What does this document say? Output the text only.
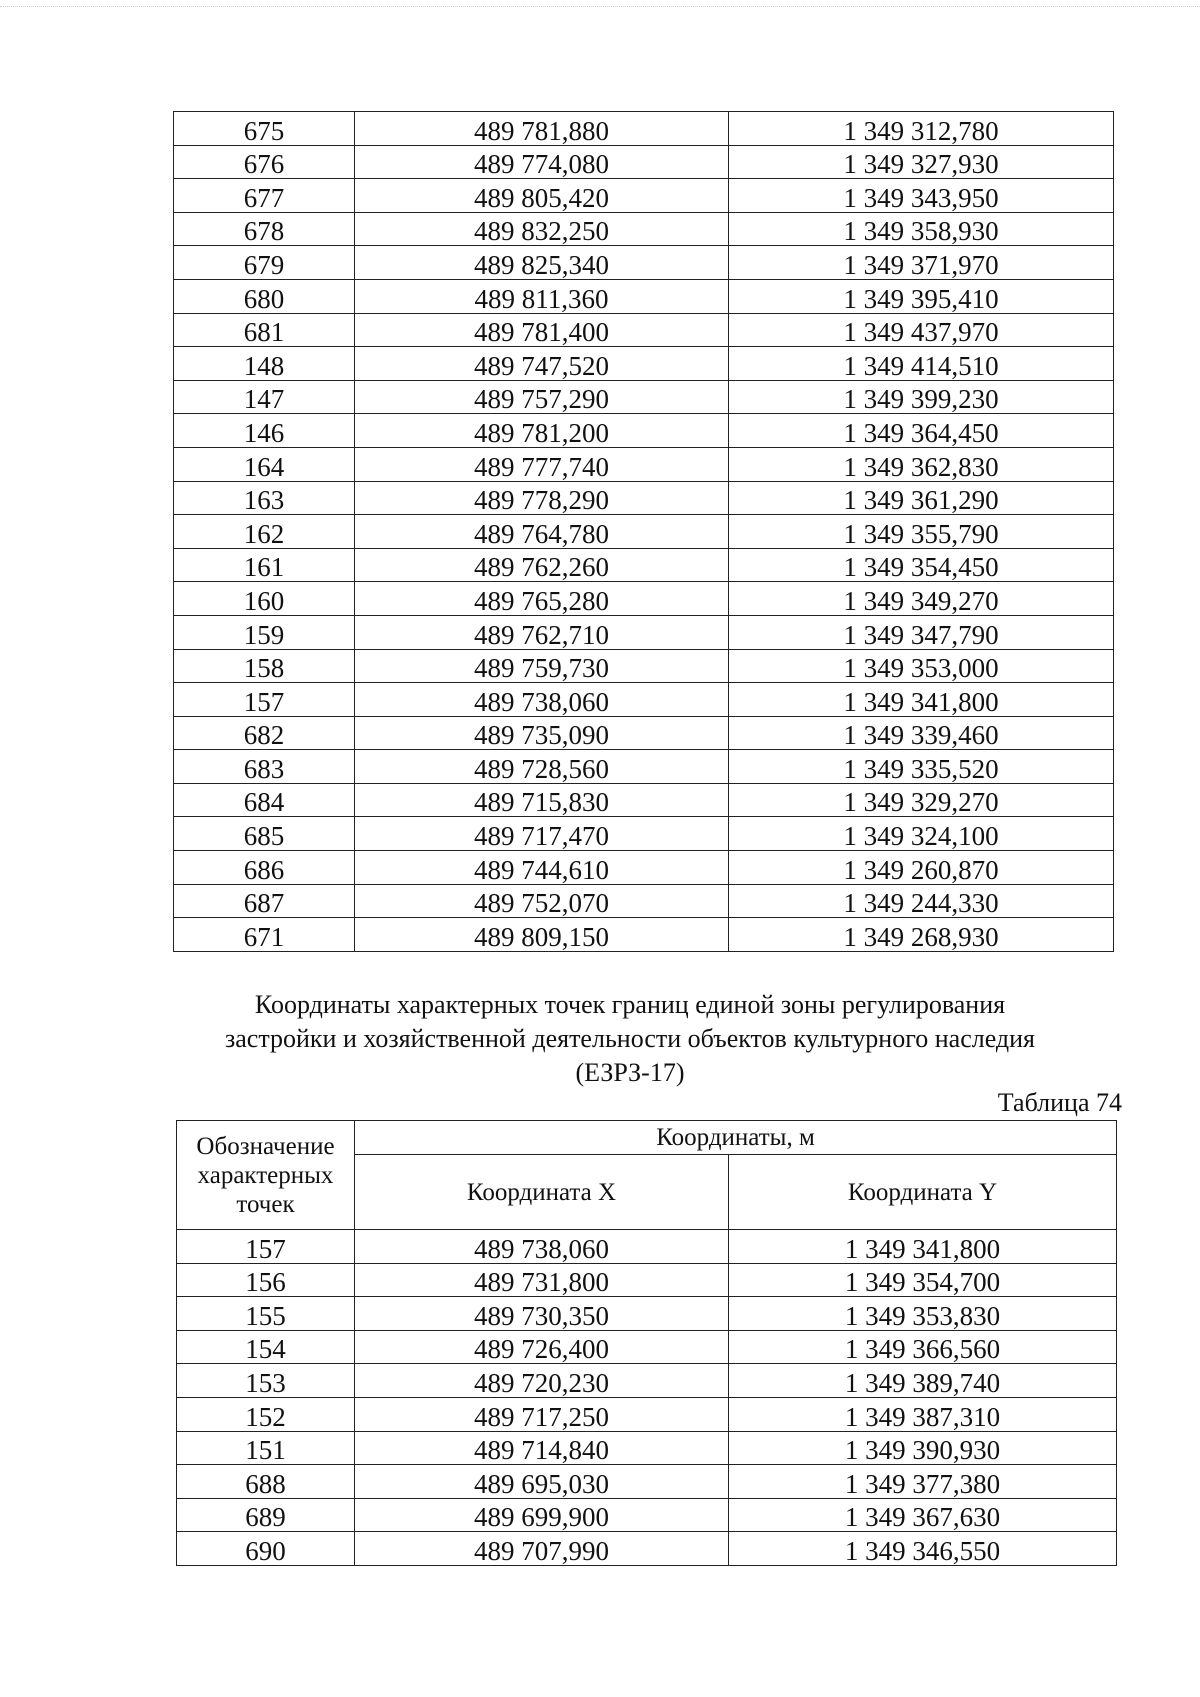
675	489 781,880	1 349 312,780
676	489 774,080	1 349 327,930
677	489 805,420	1 349 343,950
678	489 832,250	1 349 358,930
679	489 825,340	1 349 371,970
680	489 811,360	1 349 395,410
681	489 781,400	1 349 437,970
148	489 747,520	1 349 414,510
147	489 757,290	1 349 399,230
146	489 781,200	1 349 364,450
164	489 777,740	1 349 362,830
163	489 778,290	1 349 361,290
162	489 764,780	1 349 355,790
161	489 762,260	1 349 354,450
160	489 765,280	1 349 349,270
159	489 762,710	1 349 347,790
158	489 759,730	1 349 353,000
157	489 738,060	1 349 341,800
682	489 735,090	1 349 339,460
683	489 728,560	1 349 335,520
684	489 715,830	1 349 329,270
685	489 717,470	1 349 324,100
686	489 744,610	1 349 260,870
687	489 752,070	1 349 244,330
671	489 809,150	1 349 268,930
Координаты характерных точек границ единой зоны регулирования
застройки и хозяйственной деятельности объектов культурного наследия
(ЕЗРЗ-17)
Таблица 74
Обозначение характерных точек	Координаты, м	
	Координата X	Координата Y
157	489 738,060	1 349 341,800
156	489 731,800	1 349 354,700
155	489 730,350	1 349 353,830
154	489 726,400	1 349 366,560
153	489 720,230	1 349 389,740
152	489 717,250	1 349 387,310
151	489 714,840	1 349 390,930
688	489 695,030	1 349 377,380
689	489 699,900	1 349 367,630
690	489 707,990	1 349 346,550
